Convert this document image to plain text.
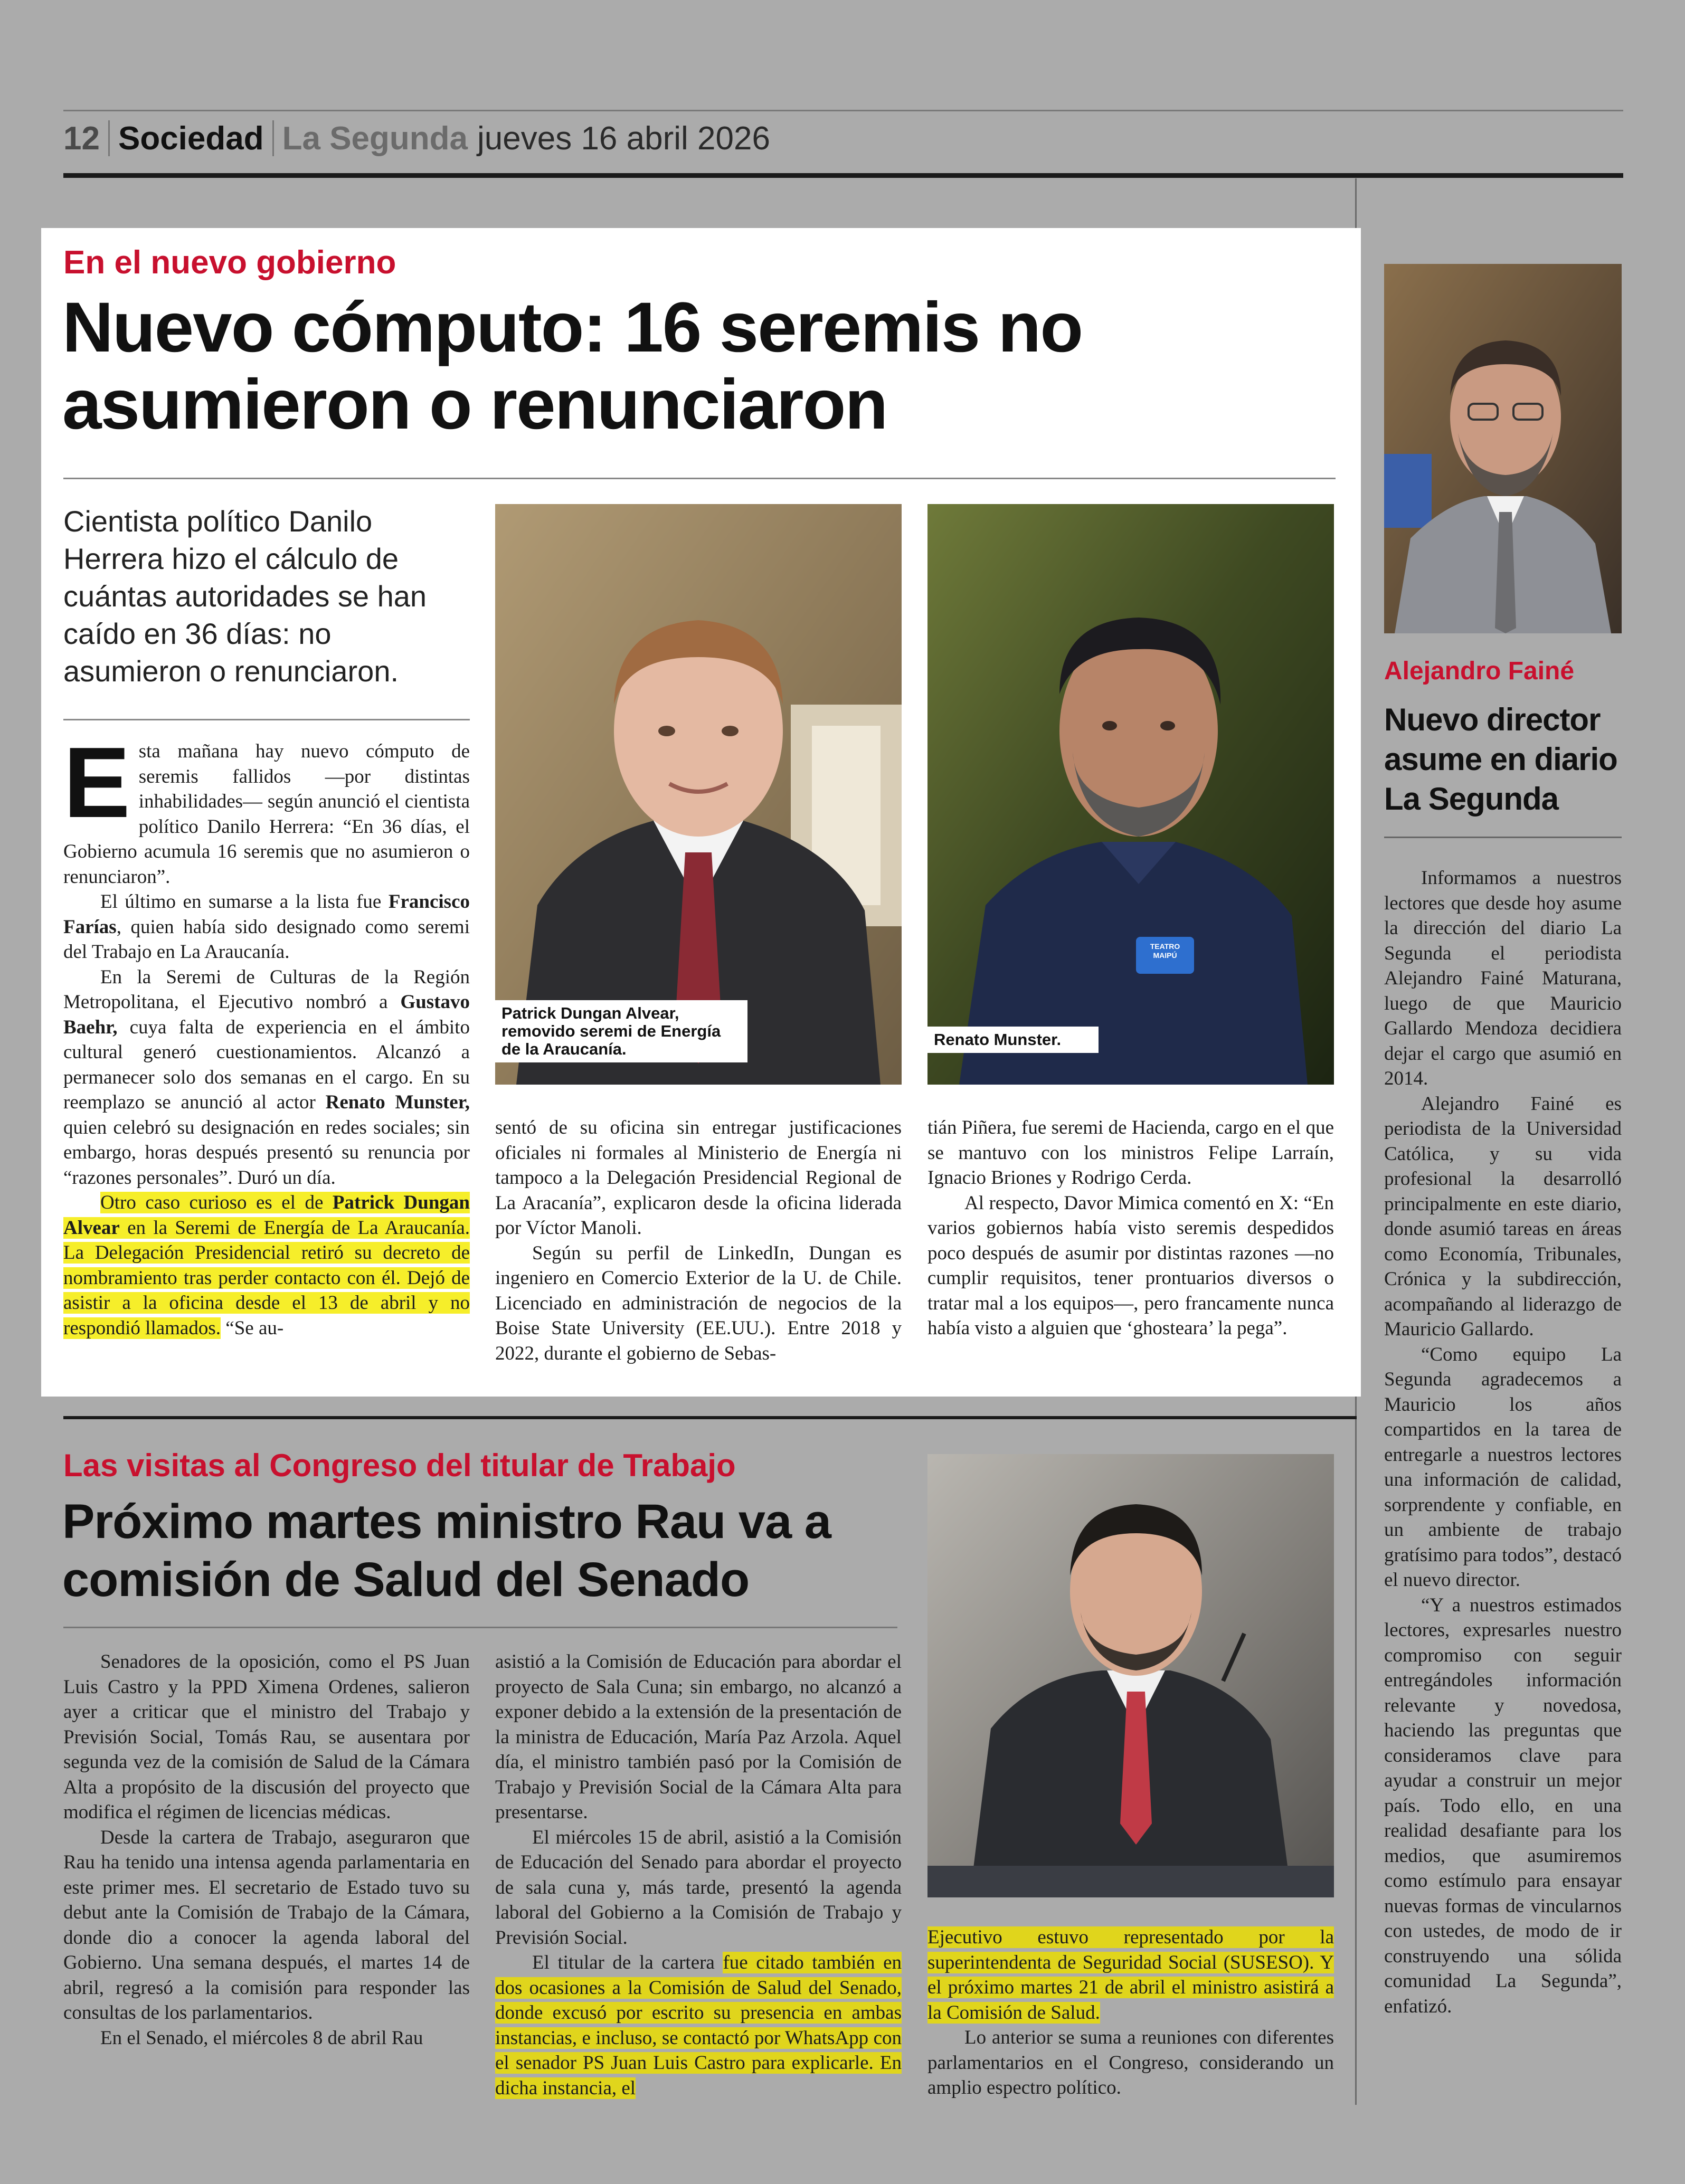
12 Sociedad La Segunda jueves 16 abril 2026
En el nuevo gobierno
Nuevo cómputo: 16 seremis no
asumieron o renunciaron
Cientista político Danilo
Herrera hizo el cálculo de
cuántas autoridades se han
caído en 36 días: no
asumieron o renunciaron.

Esta mañana hay nuevo cómputo de seremis fallidos —por distintas inhabilidades— según anunció el cientista político Danilo Herrera: “En 36 días, el Gobierno acumula 16 seremis que no asumieron o renunciaron”.

El último en sumarse a la lista fue Francisco Farías, quien había sido designado como seremi del Trabajo en La Araucanía.

En la Seremi de Culturas de la Región Metropolitana, el Ejecutivo nombró a Gustavo Baehr, cuya falta de experiencia en el ámbito cultural generó cuestionamientos. Alcanzó a permanecer solo dos semanas en el cargo. En su reemplazo se anunció al actor Renato Munster, quien celebró su designación en redes sociales; sin embargo, horas después presentó su renuncia por “razones personales”. Duró un día.

Otro caso curioso es el de Patrick Dungan Alvear en la Seremi de Energía de La Araucanía. La Delegación Presidencial retiró su decreto de nombramiento tras perder contacto con él. Dejó de asistir a la oficina desde el 13 de abril y no respondió llamados. “Se au-

Patrick Dungan Alvear,
removido seremi de Energía
de la Araucanía.
TEATRO
MAIPÚ
Renato Munster.

sentó de su oficina sin entregar justificaciones oficiales ni formales al Ministerio de Energía ni tampoco a la Delegación Presidencial Regional de La Aracanía”, explicaron desde la oficina liderada por Víctor Manoli.

Según su perfil de LinkedIn, Dungan es ingeniero en Comercio Exterior de la U. de Chile. Licenciado en administración de negocios de la Boise State University (EE.UU.). Entre 2018 y 2022, durante el gobierno de Sebas-

tián Piñera, fue seremi de Hacienda, cargo en el que se mantuvo con los ministros Felipe Larraín, Ignacio Briones y Rodrigo Cerda.

Al respecto, Davor Mimica comentó en X: “En varios gobiernos había visto seremis despedidos poco después de asumir por distintas razones —no cumplir requisitos, tener prontuarios diversos o tratar mal a los equipos—, pero francamente nunca había visto a alguien que ‘ghosteara’ la pega”.

Las visitas al Congreso del titular de Trabajo
Próximo martes ministro Rau va a
comisión de Salud del Senado

Senadores de la oposición, como el PS Juan Luis Castro y la PPD Ximena Ordenes, salieron ayer a criticar que el ministro del Trabajo y Previsión Social, Tomás Rau, se ausentara por segunda vez de la comisión de Salud de la Cámara Alta a propósito de la discusión del proyecto que modifica el régimen de licencias médicas.

Desde la cartera de Trabajo, aseguraron que Rau ha tenido una intensa agenda parlamentaria en este primer mes. El secretario de Estado tuvo su debut ante la Comisión de Trabajo de la Cámara, donde dio a conocer la agenda laboral del Gobierno. Una semana después, el martes 14 de abril, regresó a la comisión para responder las consultas de los parlamentarios.

En el Senado, el miércoles 8 de abril Rau

asistió a la Comisión de Educación para abordar el proyecto de Sala Cuna; sin embargo, no alcanzó a exponer debido a la extensión de la presentación de la ministra de Educación, María Paz Arzola. Aquel día, el ministro también pasó por la Comisión de Trabajo y Previsión Social de la Cámara Alta para presentarse.

El miércoles 15 de abril, asistió a la Comisión de Educación del Senado para abordar el proyecto de sala cuna y, más tarde, presentó la agenda laboral del Gobierno a la Comisión de Trabajo y Previsión Social.

El titular de la cartera fue citado también en dos ocasiones a la Comisión de Salud del Senado, donde excusó por escrito su presencia en ambas instancias, e incluso, se contactó por WhatsApp con el senador PS Juan Luis Castro para explicarle. En dicha instancia, el

Ejecutivo estuvo representado por la superintendenta de Seguridad Social (SUSESO). Y el próximo martes 21 de abril el ministro asistirá a la Comisión de Salud.

Lo anterior se suma a reuniones con diferentes parlamentarios en el Congreso, considerando un amplio espectro político.

Alejandro Fainé
Nuevo director
asume en diario
La Segunda

Informamos a nuestros lectores que desde hoy asume la dirección del diario La Segunda el periodista Alejandro Fainé Maturana, luego de que Mauricio Gallardo Mendoza decidiera dejar el cargo que asumió en 2014.

Alejandro Fainé es periodista de la Universidad Católica, y su vida profesional la desarrolló principalmente en este diario, donde asumió tareas en áreas como Economía, Tribunales, Crónica y la subdirección, acompañando al liderazgo de Mauricio Gallardo.

“Como equipo La Segunda agradecemos a Mauricio los años compartidos en la tarea de entregarle a nuestros lectores una información de calidad, sorprendente y confiable, en un ambiente de trabajo gratísimo para todos”, destacó el nuevo director.

“Y a nuestros estimados lectores, expresarles nuestro compromiso con seguir entregándoles información relevante y novedosa, haciendo las preguntas que consideramos clave para ayudar a construir un mejor país. Todo ello, en una realidad desafiante para los medios, que asumiremos como estímulo para ensayar nuevas formas de vincularnos con ustedes, de modo de ir construyendo una sólida comunidad La Segunda”, enfatizó.
